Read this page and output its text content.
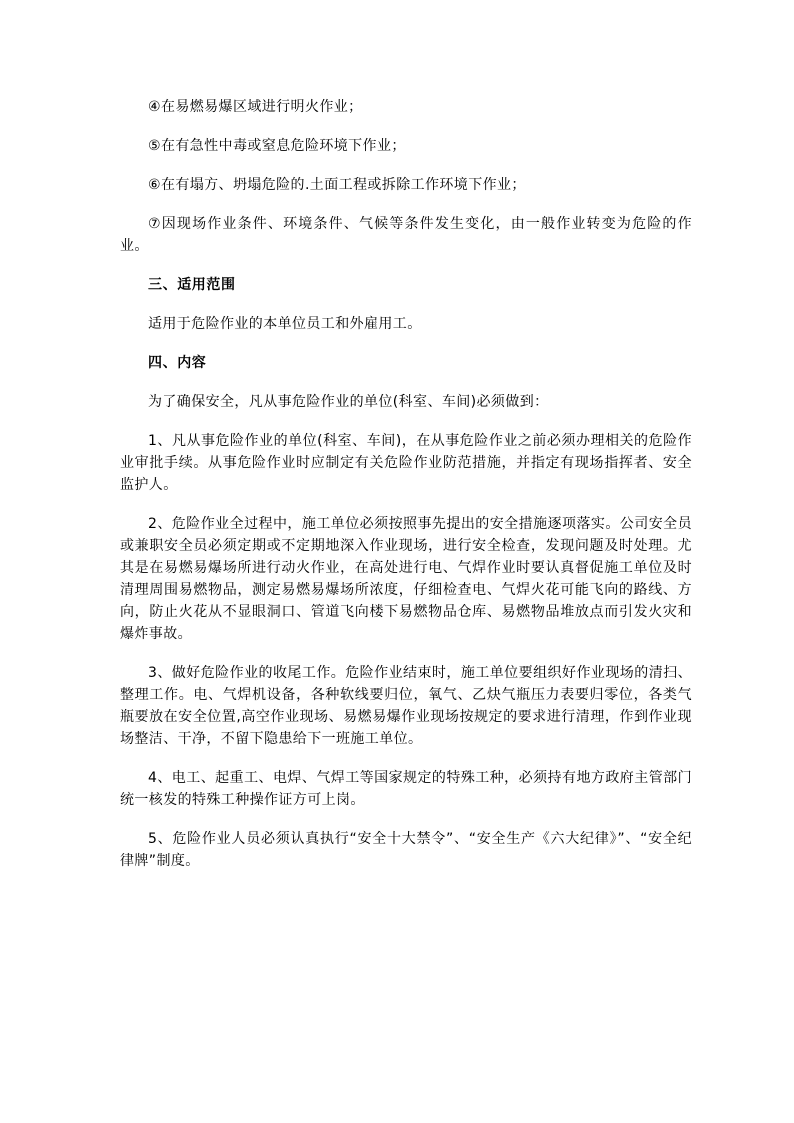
④在易燃易爆区域进行明火作业；

⑤在有急性中毒或窒息危险环境下作业；

⑥在有塌方、坍塌危险的.土面工程或拆除工作环境下作业；

⑦因现场作业条件、环境条件、气候等条件发生变化，由一般作业转变为危险的作业。

三、适用范围

适用于危险作业的本单位员工和外雇用工。

四、内容

为了确保安全，凡从事危险作业的单位(科室、车间)必须做到：

1、凡从事危险作业的单位(科室、车间)，在从事危险作业之前必须办理相关的危险作业审批手续。从事危险作业时应制定有关危险作业防范措施，并指定有现场指挥者、安全监护人。

2、危险作业全过程中，施工单位必须按照事先提出的安全措施逐项落实。公司安全员或兼职安全员必须定期或不定期地深入作业现场，进行安全检查，发现问题及时处理。尤其是在易燃易爆场所进行动火作业，在高处进行电、气焊作业时要认真督促施工单位及时清理周围易燃物品，测定易燃易爆场所浓度，仔细检查电、气焊火花可能飞向的路线、方向，防止火花从不显眼洞口、管道飞向楼下易燃物品仓库、易燃物品堆放点而引发火灾和爆炸事故。

3、做好危险作业的收尾工作。危险作业结束时，施工单位要组织好作业现场的清扫、整理工作。电、气焊机设备，各种软线要归位，氧气、乙炔气瓶压力表要归零位，各类气瓶要放在安全位置,高空作业现场、易燃易爆作业现场按规定的要求进行清理，作到作业现场整洁、干净，不留下隐患给下一班施工单位。

4、电工、起重工、电焊、气焊工等国家规定的特殊工种，必须持有地方政府主管部门统一核发的特殊工种操作证方可上岗。

5、危险作业人员必须认真执行“安全十大禁令”、“安全生产《六大纪律》”、“安全纪律牌”制度。
